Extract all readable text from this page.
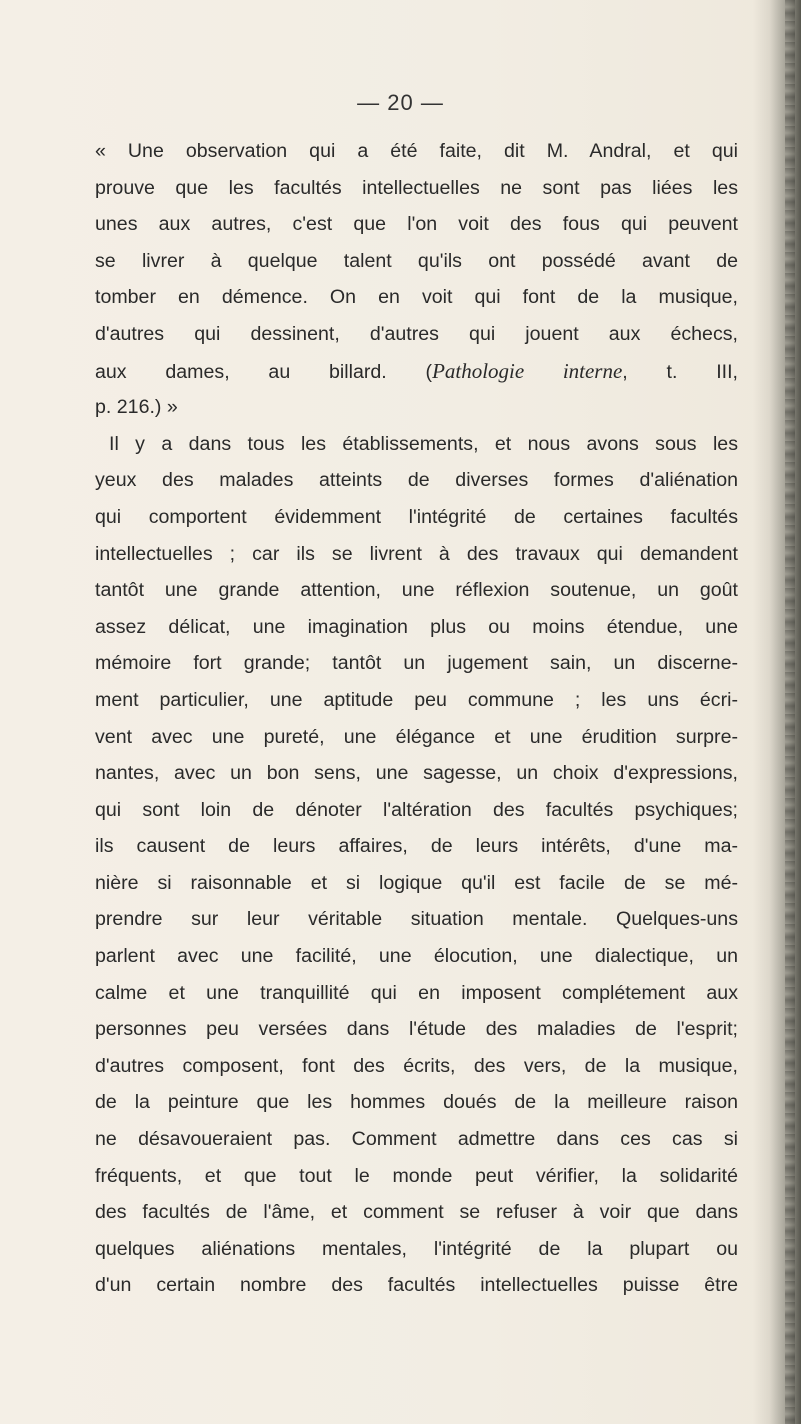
— 20 —
« Une observation qui a été faite, dit M. Andral, et qui
prouve que les facultés intellectuelles ne sont pas liées les
unes aux autres, c'est que l'on voit des fous qui peuvent
se livrer à quelque talent qu'ils ont possédé avant de
tomber en démence. On en voit qui font de la musique,
d'autres qui dessinent, d'autres qui jouent aux échecs,
aux dames, au billard. (Pathologie interne, t. III,
p. 216.) »
Il y a dans tous les établissements, et nous avons sous les
yeux des malades atteints de diverses formes d'aliénation
qui comportent évidemment l'intégrité de certaines facultés
intellectuelles ; car ils se livrent à des travaux qui demandent
tantôt une grande attention, une réflexion soutenue, un goût
assez délicat, une imagination plus ou moins étendue, une
mémoire fort grande; tantôt un jugement sain, un discerne-
ment particulier, une aptitude peu commune ; les uns écri-
vent avec une pureté, une élégance et une érudition surpre-
nantes, avec un bon sens, une sagesse, un choix d'expressions,
qui sont loin de dénoter l'altération des facultés psychiques;
ils causent de leurs affaires, de leurs intérêts, d'une ma-
nière si raisonnable et si logique qu'il est facile de se mé-
prendre sur leur véritable situation mentale. Quelques-uns
parlent avec une facilité, une élocution, une dialectique, un
calme et une tranquillité qui en imposent complétement aux
personnes peu versées dans l'étude des maladies de l'esprit;
d'autres composent, font des écrits, des vers, de la musique,
de la peinture que les hommes doués de la meilleure raison
ne désavoueraient pas. Comment admettre dans ces cas si
fréquents, et que tout le monde peut vérifier, la solidarité
des facultés de l'âme, et comment se refuser à voir que dans
quelques aliénations mentales, l'intégrité de la plupart ou
d'un certain nombre des facultés intellectuelles puisse être
